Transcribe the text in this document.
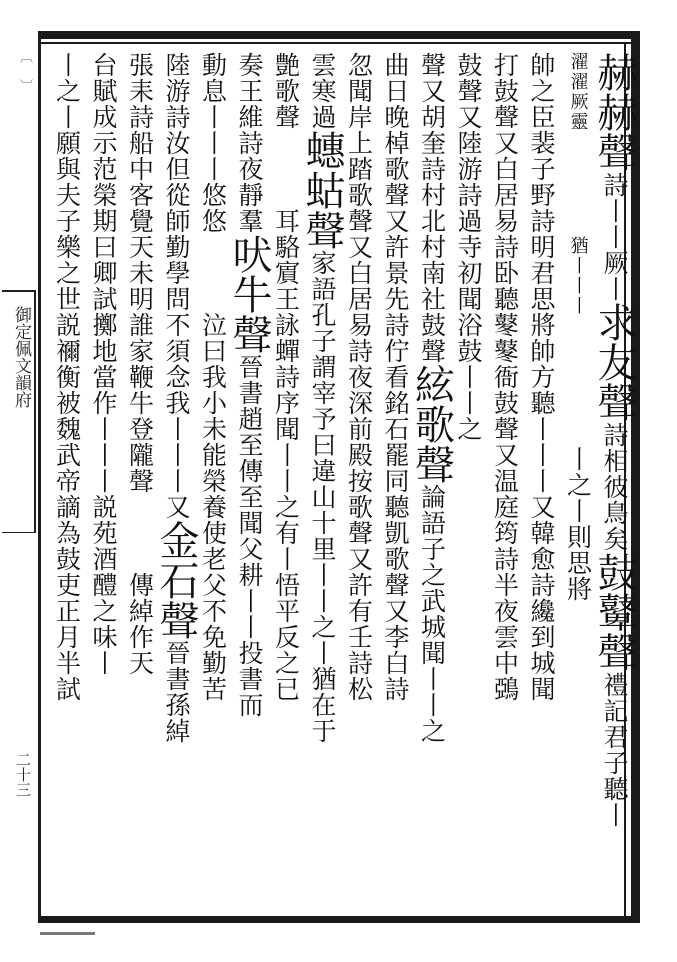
〔 〕
御定佩文韻府
二十三
赫赫聲詩丨丨厥丨求友聲詩相彼鳥矣鼓鼙聲禮記君子聽丨
濯濯厥靈　　　　猶丨丨丨　　　　　丨之丨則思將
帥之臣裴子野詩明君思將帥方聽丨丨丨又韓愈詩纔到城聞
打鼓聲又白居易詩卧聽鼕鼕衙鼓聲又温庭筠詩半夜雲中鵶
鼓聲又陸游詩過寺初聞浴鼓丨丨之
聲又胡奎詩村北村南社鼓聲絃歌聲論語子之武城聞丨丨之
曲日晚棹歌聲又許景先詩佇看銘石罷同聽凱歌聲又李白詩
忽聞岸上踏歌聲又白居易詩夜深前殿按歌聲又許有壬詩松
雲寒過蟪蛄聲家語孔子謂宰予曰違山十里丨丨之丨猶在于
艶歌聲　　　耳駱賔王詠蟬詩序聞丨丨之有丨悟平反之已
奏王維詩夜靜羣吠牛聲晉書趙至傳至聞父耕丨丨投書而
動息丨丨丨悠悠　　　泣曰我小未能榮養使老父不免勤苦
陸游詩汝但從師勤學問不須念我丨丨丨又金石聲晉書孫綽
張耒詩船中客覺天未明誰家鞭牛登隴聲　　　傳綽作天
台賦成示范榮期曰卿試擲地當作丨丨丨説苑酒醴之味丨
丨之丨願與夫子樂之世説禰衡被魏武帝謫為鼓吏正月半試
